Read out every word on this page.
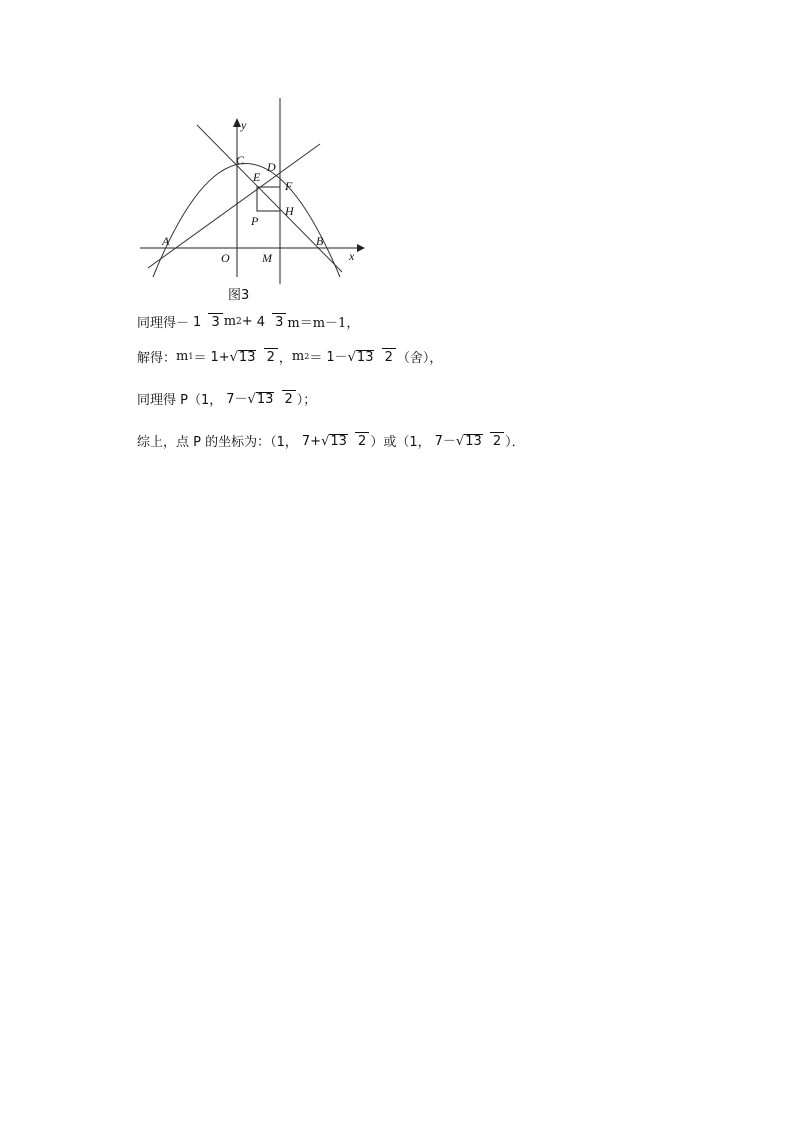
y
C D
E
F
H
P
A	B
O	M	x
图3
同理得－ 1 3 m 2 + 4 3 m＝m－1，
解得： m 1 ＝ 1+√13 2 ， m 2 ＝ 1－√13 2 （舍），
同理得 P（1， 7－√13 2 ）；
综上，点 P 的坐标为：（1， 7+√13 2 ）或（1， 7－√13 2 ）．
